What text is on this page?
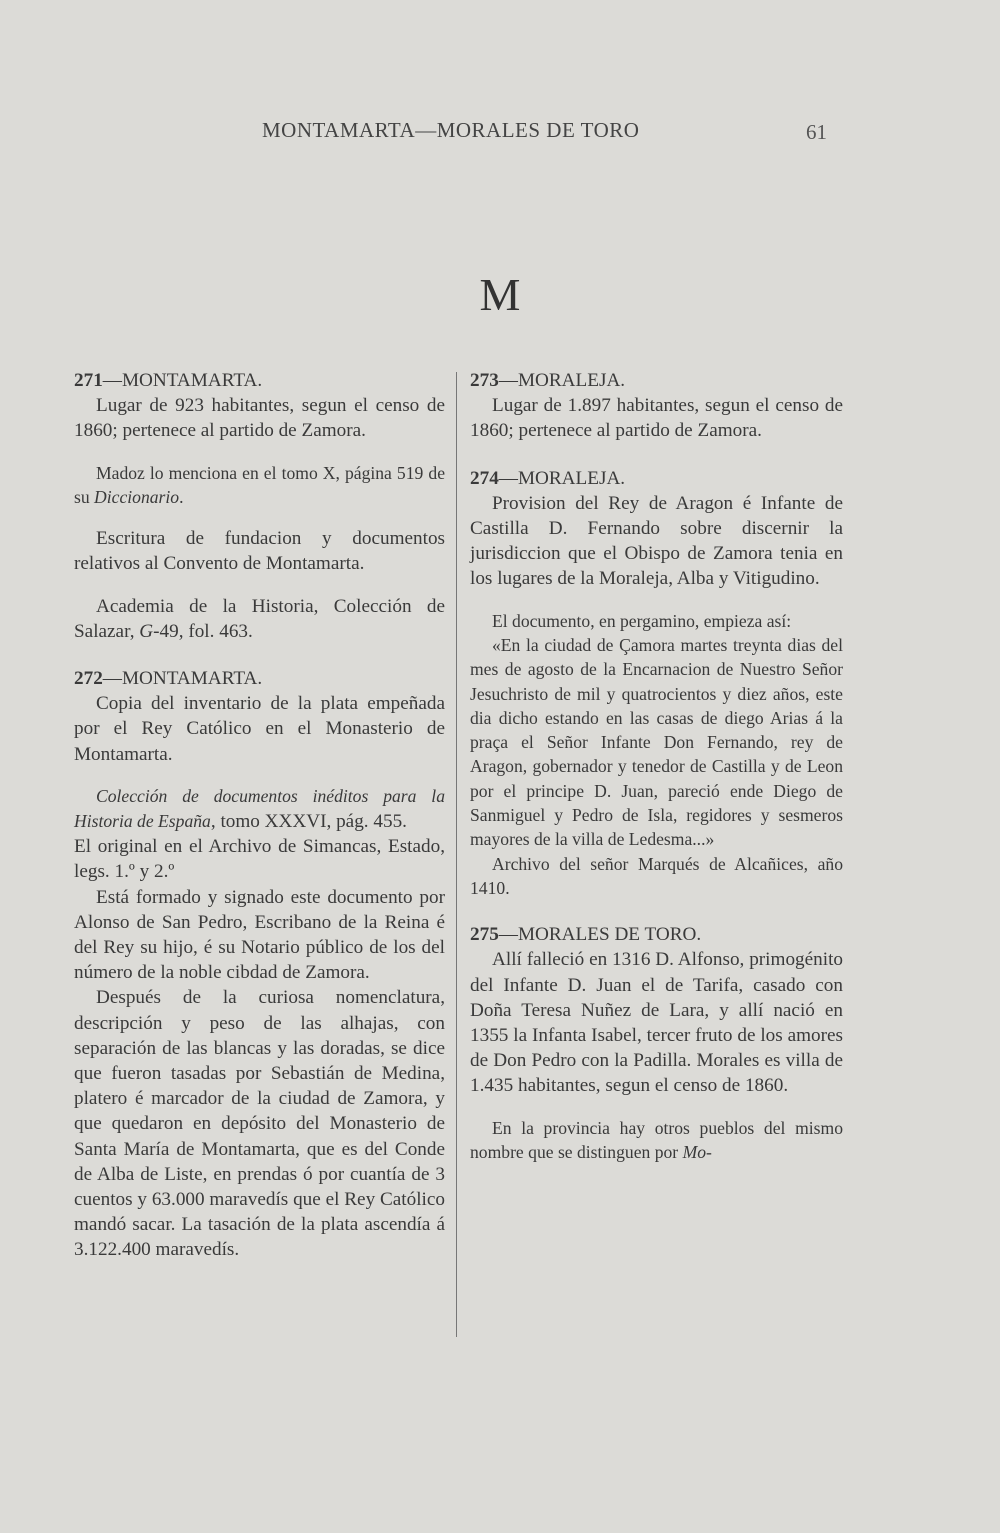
MONTAMARTA—MORALES DE TORO	61
M

271—MONTAMARTA.

Lugar de 923 habitantes, segun el censo de 1860; pertenece al partido de Zamora.

Madoz lo menciona en el tomo X, página 519 de su Diccionario.

Escritura de fundacion y documentos relativos al Convento de Montamarta.

Academia de la Historia, Colección de Salazar, G-49, fol. 463.

272—MONTAMARTA.

Copia del inventario de la plata empeñada por el Rey Católico en el Monasterio de Montamarta.

Colección de documentos inéditos para la Historia de España, tomo XXXVI, pág. 455.

El original en el Archivo de Simancas, Estado, legs. 1.º y 2.º

Está formado y signado este documento por Alonso de San Pedro, Escribano de la Reina é del Rey su hijo, é su Notario público de los del número de la noble cibdad de Zamora.

Después de la curiosa nomenclatura, descripción y peso de las alhajas, con separación de las blancas y las doradas, se dice que fueron tasadas por Sebastián de Medina, platero é marcador de la ciudad de Zamora, y que quedaron en depósito del Monasterio de Santa María de Montamarta, que es del Conde de Alba de Liste, en prendas ó por cuantía de 3 cuentos y 63.000 maravedís que el Rey Católico mandó sacar. La tasación de la plata ascendía á 3.122.400 maravedís.

273—MORALEJA.

Lugar de 1.897 habitantes, segun el censo de 1860; pertenece al partido de Zamora.

274—MORALEJA.

Provision del Rey de Aragon é Infante de Castilla D. Fernando sobre discernir la jurisdiccion que el Obispo de Zamora tenia en los lugares de la Moraleja, Alba y Vitigudino.

El documento, en pergamino, empieza así:

«En la ciudad de Çamora martes treynta dias del mes de agosto de la Encarnacion de Nuestro Señor Jesuchristo de mil y quatrocientos y diez años, este dia dicho estando en las casas de diego Arias á la praça el Señor Infante Don Fernando, rey de Aragon, gobernador y tenedor de Castilla y de Leon por el principe D. Juan, pareció ende Diego de Sanmiguel y Pedro de Isla, regidores y sesmeros mayores de la villa de Ledesma...»

Archivo del señor Marqués de Alcañices, año 1410.

275—MORALES DE TORO.

Allí falleció en 1316 D. Alfonso, primogénito del Infante D. Juan el de Tarifa, casado con Doña Teresa Nuñez de Lara, y allí nació en 1355 la Infanta Isabel, tercer fruto de los amores de Don Pedro con la Padilla. Morales es villa de 1.435 habitantes, segun el censo de 1860.

En la provincia hay otros pueblos del mismo nombre que se distinguen por Mo-
